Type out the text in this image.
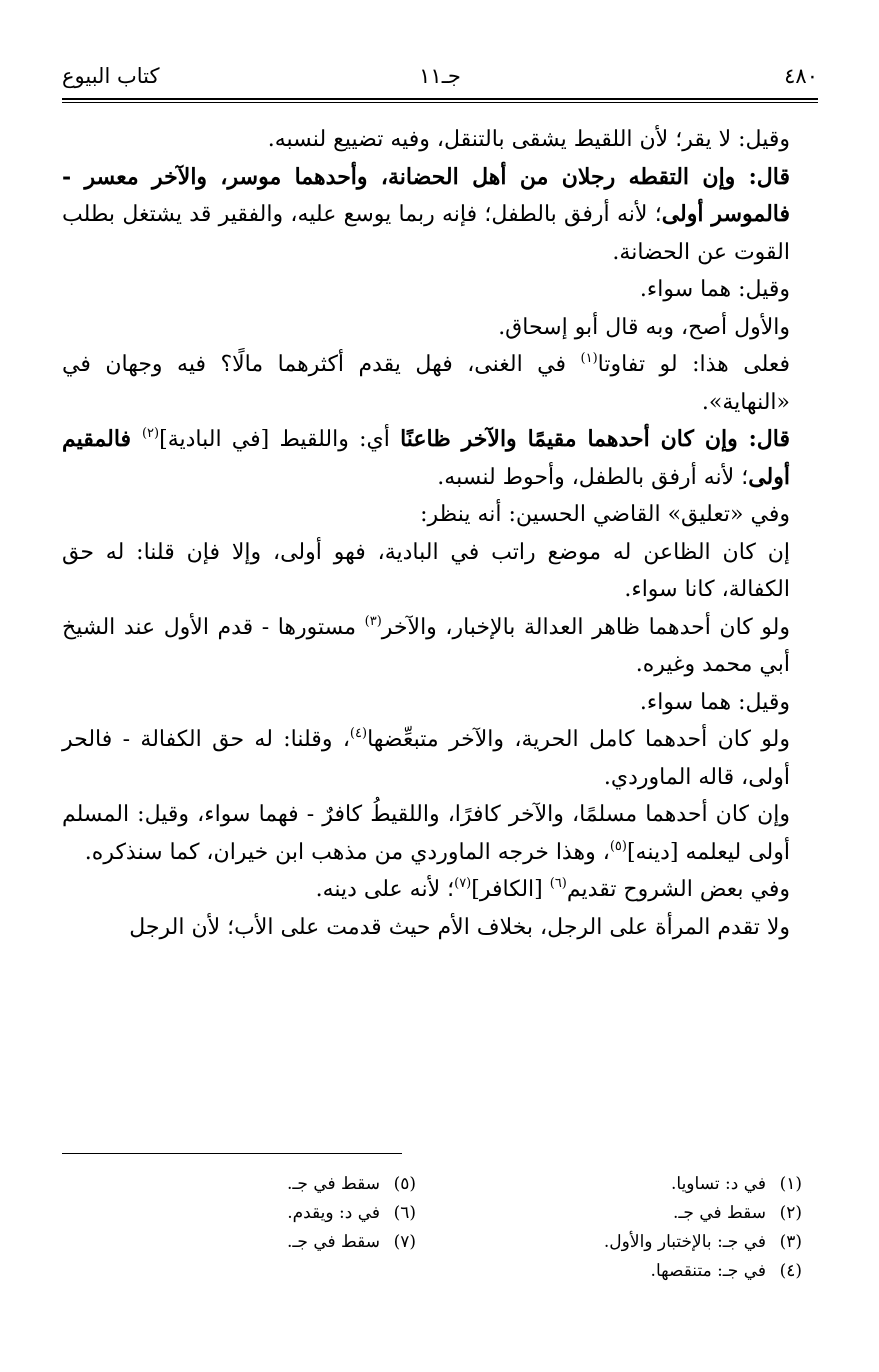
٤٨٠
جـ١١
كتاب البيوع

وقيل: لا يقر؛ لأن اللقيط يشقى بالتنقل، وفيه تضييع لنسبه.

قال: وإن التقطه رجلان من أهل الحضانة، وأحدهما موسر، والآخر معسر - فالموسر أولى؛ لأنه أرفق بالطفل؛ فإنه ربما يوسع عليه، والفقير قد يشتغل بطلب القوت عن الحضانة.

وقيل: هما سواء.

والأول أصح، وبه قال أبو إسحاق.

فعلى هذا: لو تفاوتا$^{(١)}$ في الغنى، فهل يقدم أكثرهما مالًا؟ فيه وجهان في «النهاية».

قال: وإن كان أحدهما مقيمًا والآخر ظاعنًا أي: واللقيط [في البادية]$^{(٢)}$ فالمقيم أولى؛ لأنه أرفق بالطفل، وأحوط لنسبه.

وفي «تعليق» القاضي الحسين: أنه ينظر:

إن كان الظاعن له موضع راتب في البادية، فهو أولى، وإلا فإن قلنا: له حق الكفالة، كانا سواء.

ولو كان أحدهما ظاهر العدالة بالإخبار، والآخر$^{(٣)}$ مستورها - قدم الأول عند الشيخ أبي محمد وغيره.

وقيل: هما سواء.

ولو كان أحدهما كامل الحرية، والآخر متبعِّضها$^{(٤)}$، وقلنا: له حق الكفالة - فالحر أولى، قاله الماوردي.

وإن كان أحدهما مسلمًا، والآخر كافرًا، واللقيطُ كافرٌ - فهما سواء، وقيل: المسلم أولى ليعلمه [دينه]$^{(٥)}$، وهذا خرجه الماوردي من مذهب ابن خيران، كما سنذكره.

وفي بعض الشروح تقديم$^{(٦)}$ [الكافر]$^{(٧)}$؛ لأنه على دينه.

ولا تقدم المرأة على الرجل، بخلاف الأم حيث قدمت على الأب؛ لأن الرجل

(١)في د: تساويا.
(٢)سقط في جـ.
(٣)في جـ: بالإختبار والأول.
(٤)في جـ: متنقصها.
(٥)سقط في جـ.
(٦)في د: ويقدم.
(٧)سقط في جـ.
